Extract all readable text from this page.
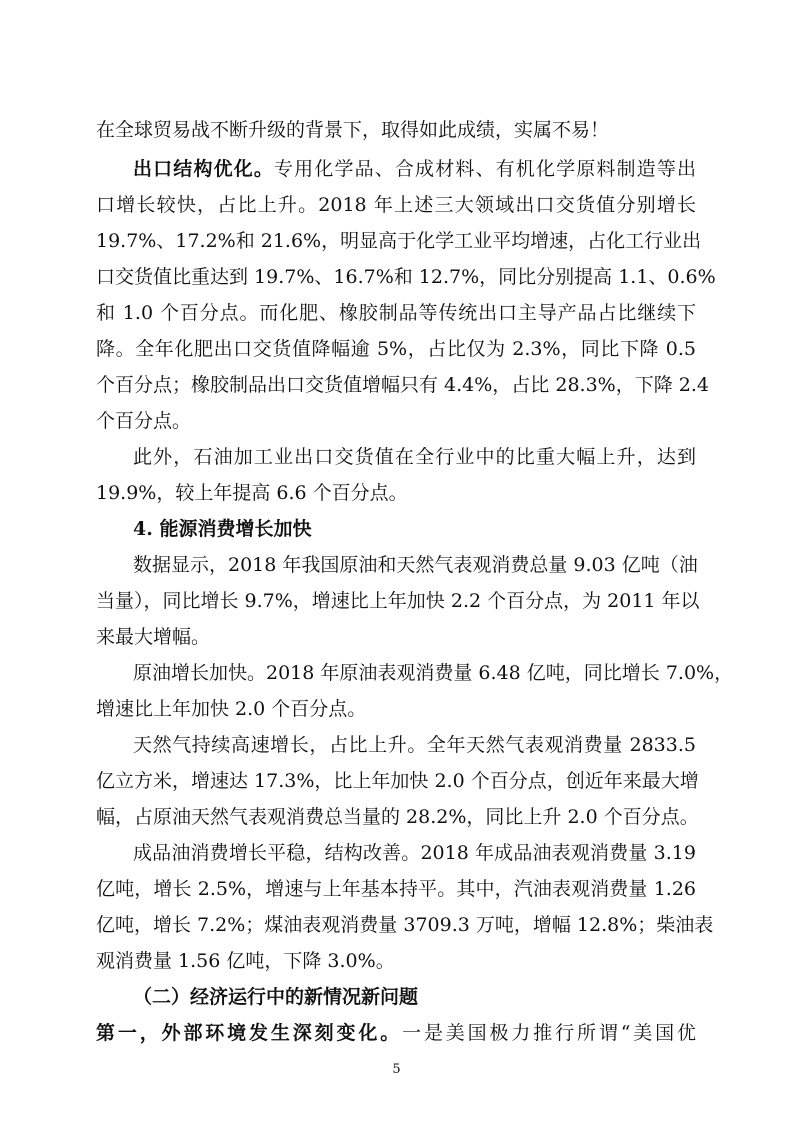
在全球贸易战不断升级的背景下，取得如此成绩，实属不易！
出口结构优化。专用化学品、合成材料、有机化学原料制造等出
口增长较快，占比上升。2018 年上述三大领域出口交货值分别增长
19.7%、17.2%和 21.6%，明显高于化学工业平均增速，占化工行业出
口交货值比重达到 19.7%、16.7%和 12.7%，同比分别提高 1.1、0.6%
和 1.0 个百分点。而化肥、橡胶制品等传统出口主导产品占比继续下
降。全年化肥出口交货值降幅逾 5%，占比仅为 2.3%，同比下降 0.5
个百分点；橡胶制品出口交货值增幅只有 4.4%，占比 28.3%，下降 2.4
个百分点。
此外，石油加工业出口交货值在全行业中的比重大幅上升，达到
19.9%，较上年提高 6.6 个百分点。
4. 能源消费增长加快
数据显示，2018 年我国原油和天然气表观消费总量 9.03 亿吨（油
当量），同比增长 9.7%，增速比上年加快 2.2 个百分点，为 2011 年以
来最大增幅。
原油增长加快。2018 年原油表观消费量 6.48 亿吨，同比增长 7.0%，
增速比上年加快 2.0 个百分点。
天然气持续高速增长，占比上升。全年天然气表观消费量 2833.5
亿立方米，增速达 17.3%，比上年加快 2.0 个百分点，创近年来最大增
幅，占原油天然气表观消费总当量的 28.2%，同比上升 2.0 个百分点。
成品油消费增长平稳，结构改善。2018 年成品油表观消费量 3.19
亿吨，增长 2.5%，增速与上年基本持平。其中，汽油表观消费量 1.26
亿吨，增长 7.2%；煤油表观消费量 3709.3 万吨，增幅 12.8%；柴油表
观消费量 1.56 亿吨，下降 3.0%。
（二）经济运行中的新情况新问题
第一，外部环境发生深刻变化。一是美国极力推行所谓“美国优
5
